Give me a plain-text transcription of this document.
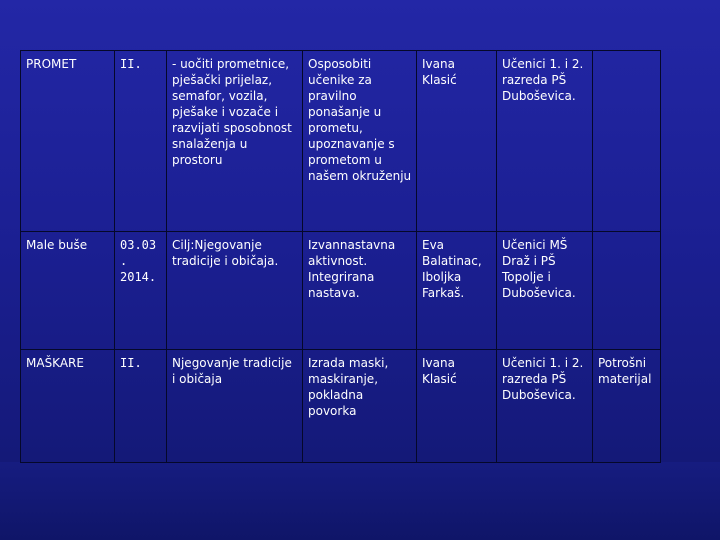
PROMET	II.	- uočiti prometnice, pješački prijelaz, semafor, vozila, pješake i vozače i razvijati sposobnost snalaženja u prostoru	Osposobiti učenike za pravilno ponašanje u prometu, upoznavanje s prometom u našem okruženju	Ivana Klasić	Učenici 1. i 2. razreda PŠ Duboševica.	
Male buše	03.03. 2014.	Cilj:Njegovanje tradicije i običaja.	Izvannastavna aktivnost. Integrirana nastava.	Eva Balatinac, Iboljka Farkaš.	Učenici MŠ Draž i PŠ Topolje i Duboševica.	
MAŠKARE	II.	Njegovanje tradicije i običaja	Izrada maski, maskiranje, pokladna povorka	Ivana Klasić	Učenici 1. i 2. razreda PŠ Duboševica.	Potrošni materijal
